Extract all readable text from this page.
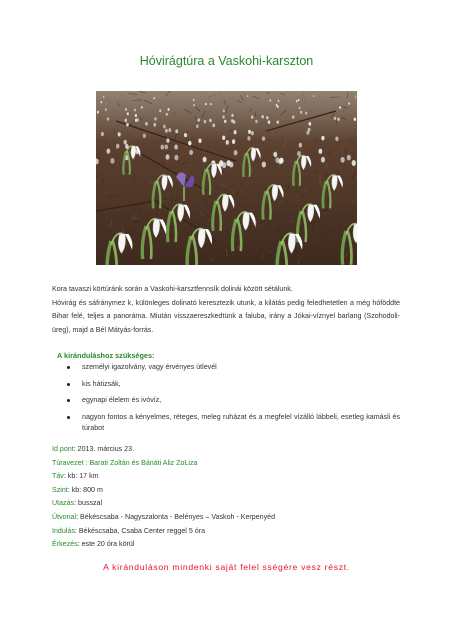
Hóvirágtúra a Vaskohi-karszton

Kora tavaszi körtúránk során a Vaskohi-karsztfennsík dolinái között sétálunk.

Hóvirág és sáfránymez k, különleges dolinató keresztezik utunk, a kilátás pedig feledhetetlen a még hóföddte Bihar felé, teljes a panoráma. Miután visszaereszkedtünk a faluba, irány a Jókai-víznyel barlang (Szohodoli-üreg), majd a Bél Mátyás-forrás.

A kiránduláshoz szükséges:
személyi igazolvány, vagy érvényes útlevél
kis hátizsák,
egynapi élelem és ivóvíz,
nagyon fontos a kényelmes, réteges, meleg ruházat és a megfelel vízálló lábbeli, esetleg kamásli és túrabot
Id pont: 2013. március 23.
Túravezet : Barati Zoltán és Bánáti Aliz ZoLiza
Táv: kb: 17 km
Szint: kb: 800 m
Utazás: busszal
Útvonal: Békéscsaba - Nagyszalonta - Belényes – Vaskoh - Kerpenyéd
Indulás: Békéscsaba, Csaba Center reggel 5 óra
Érkezés: este 20 óra körül
A kiránduláson mindenki saját felel sségére vesz részt.
